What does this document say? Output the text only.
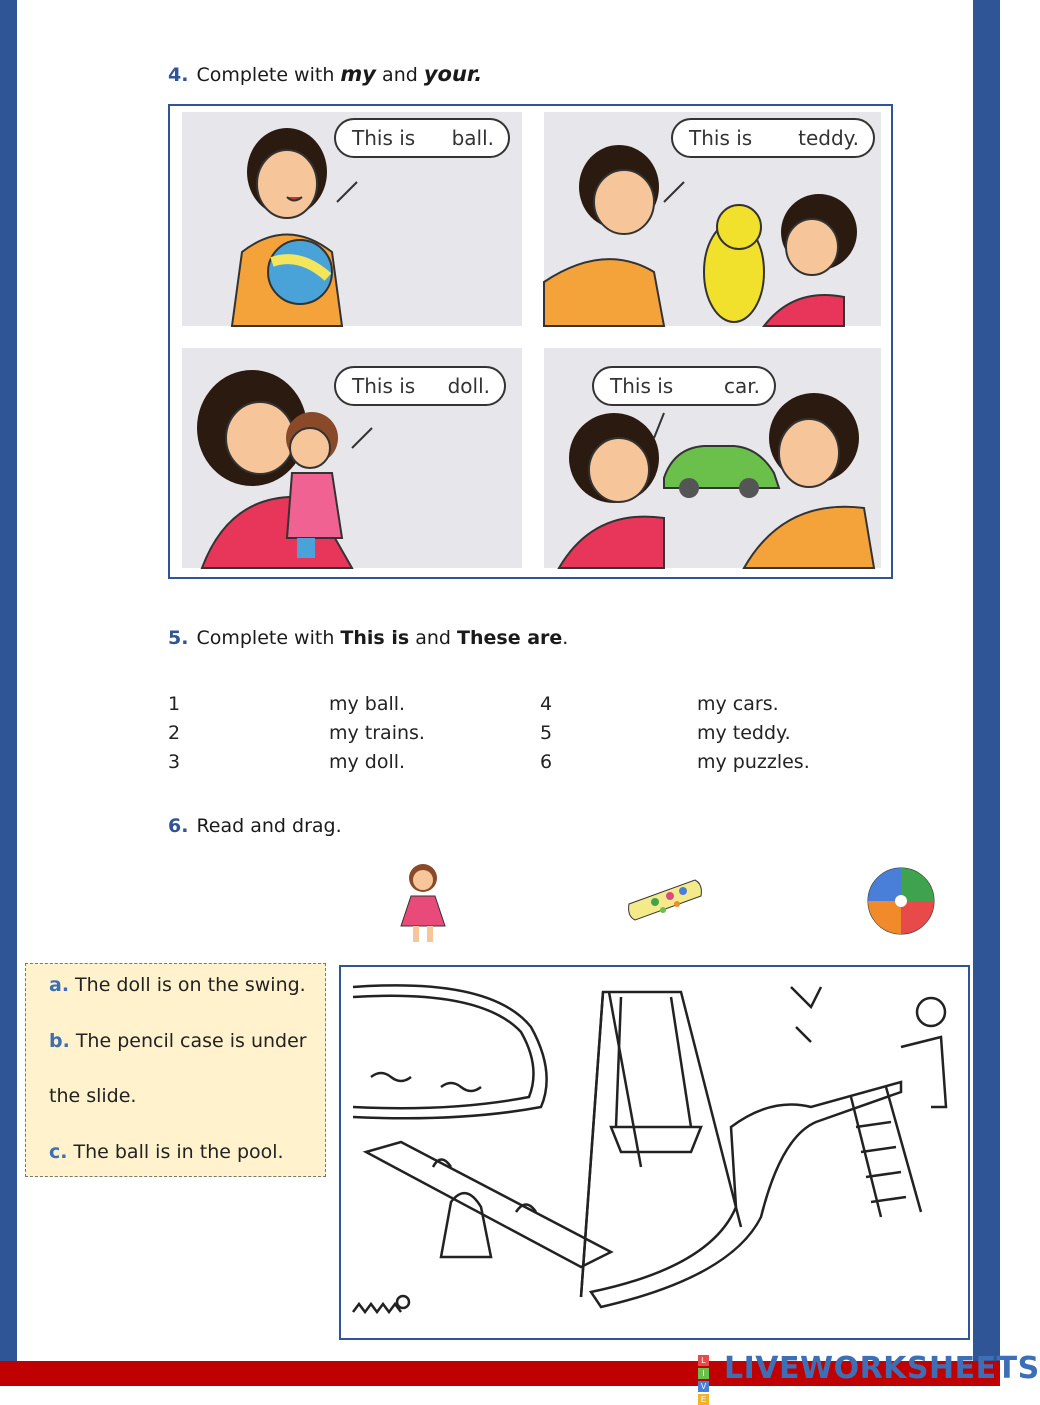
4. Complete with my and your.
This is ball.	This is teddy.
This is doll.	This is	car.
5. Complete with This is and These are.
1	my ball.
2	my trains.
3	my doll.
4	my cars.
5	my teddy.
6	my puzzles.
6. Read and drag.
a. The doll is on the swing.
b. The pencil case is under
the slide.
c. The ball is in the pool.
L
I
V
E
LIVEWORKSHEETS
